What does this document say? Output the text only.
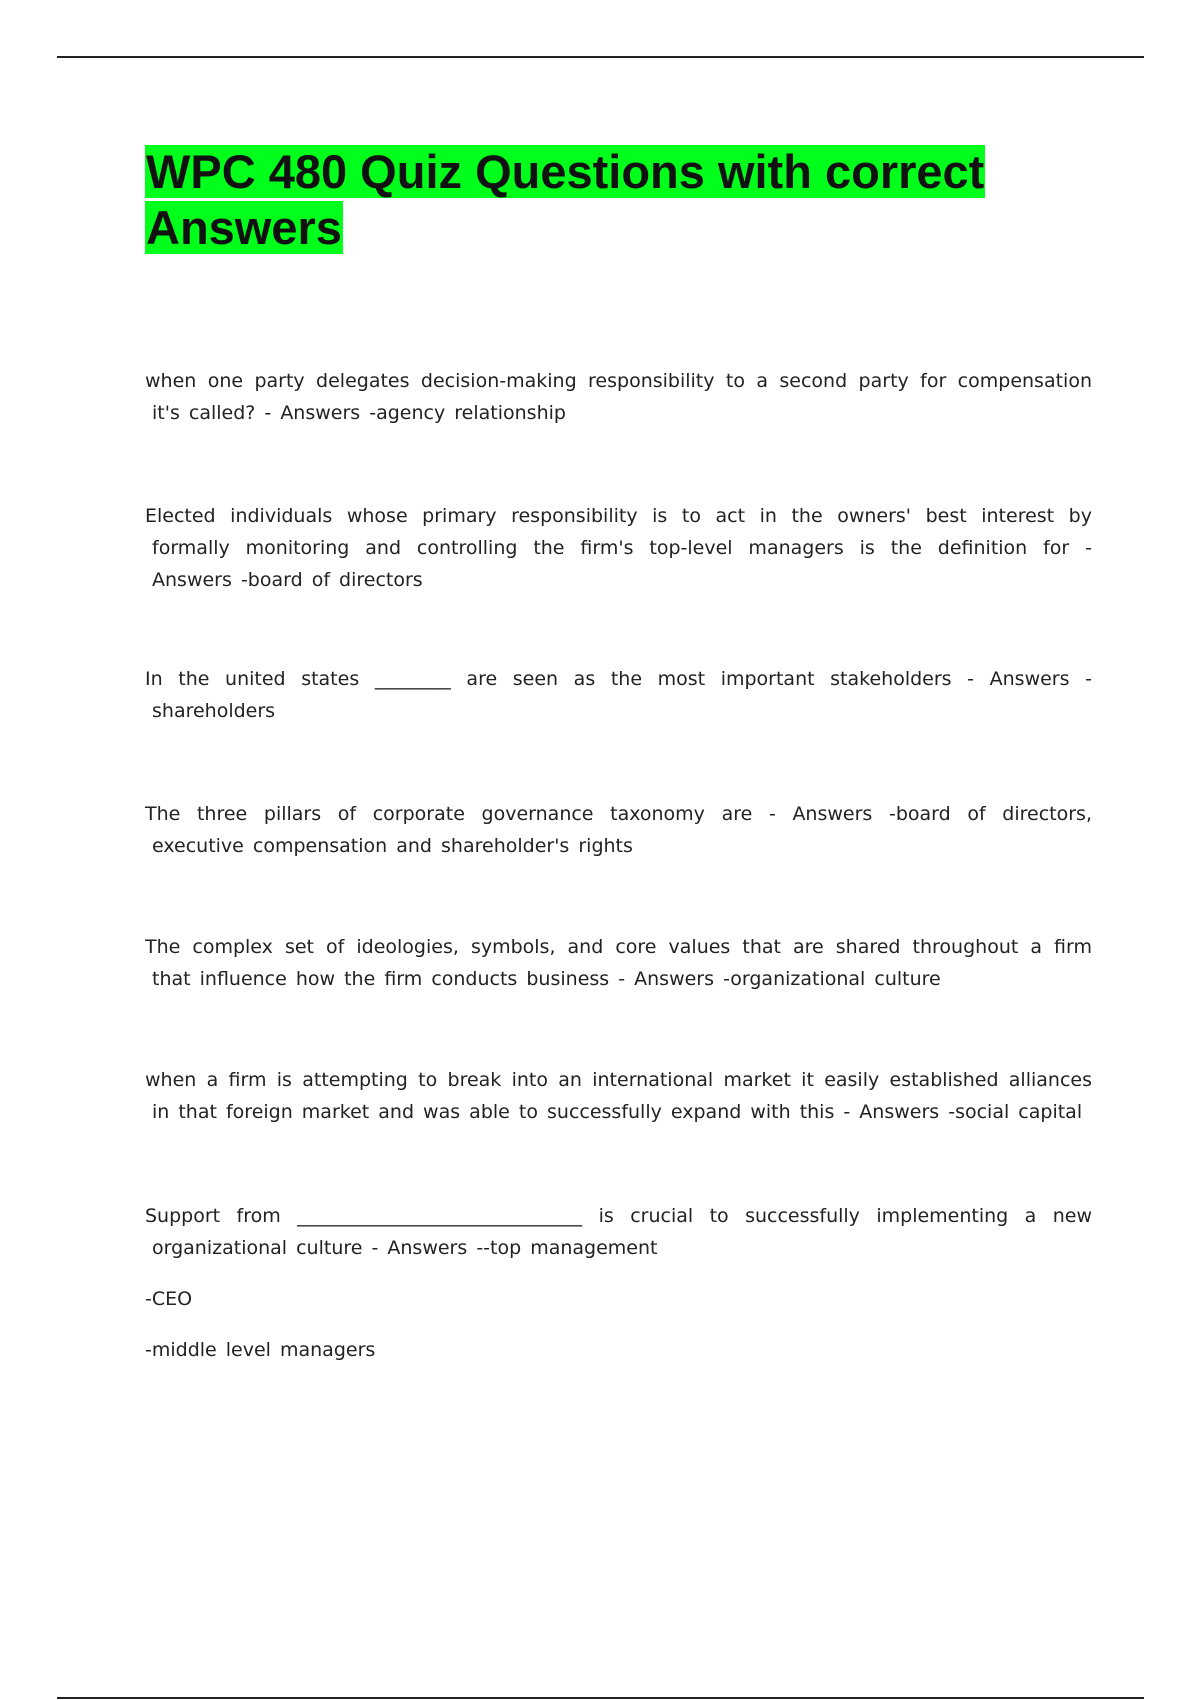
WPC 480 Quiz Questions with correct Answers
when one party delegates decision-making responsibility to a second party for compensation it's called? - Answers -agency relationship
Elected individuals whose primary responsibility is to act in the owners' best interest by formally monitoring and controlling the firm's top-level managers is the definition for - Answers -board of directors
In the united states ________ are seen as the most important stakeholders - Answers -shareholders
The three pillars of corporate governance taxonomy are - Answers -board of directors, executive compensation and shareholder's rights
The complex set of ideologies, symbols, and core values that are shared throughout a firm that influence how the firm conducts business - Answers -organizational culture
when a firm is attempting to break into an international market it easily established alliances in that foreign market and was able to successfully expand with this - Answers -social capital
Support from ______________________________ is crucial to successfully implementing a new organizational culture - Answers --top management
-CEO
-middle level managers
